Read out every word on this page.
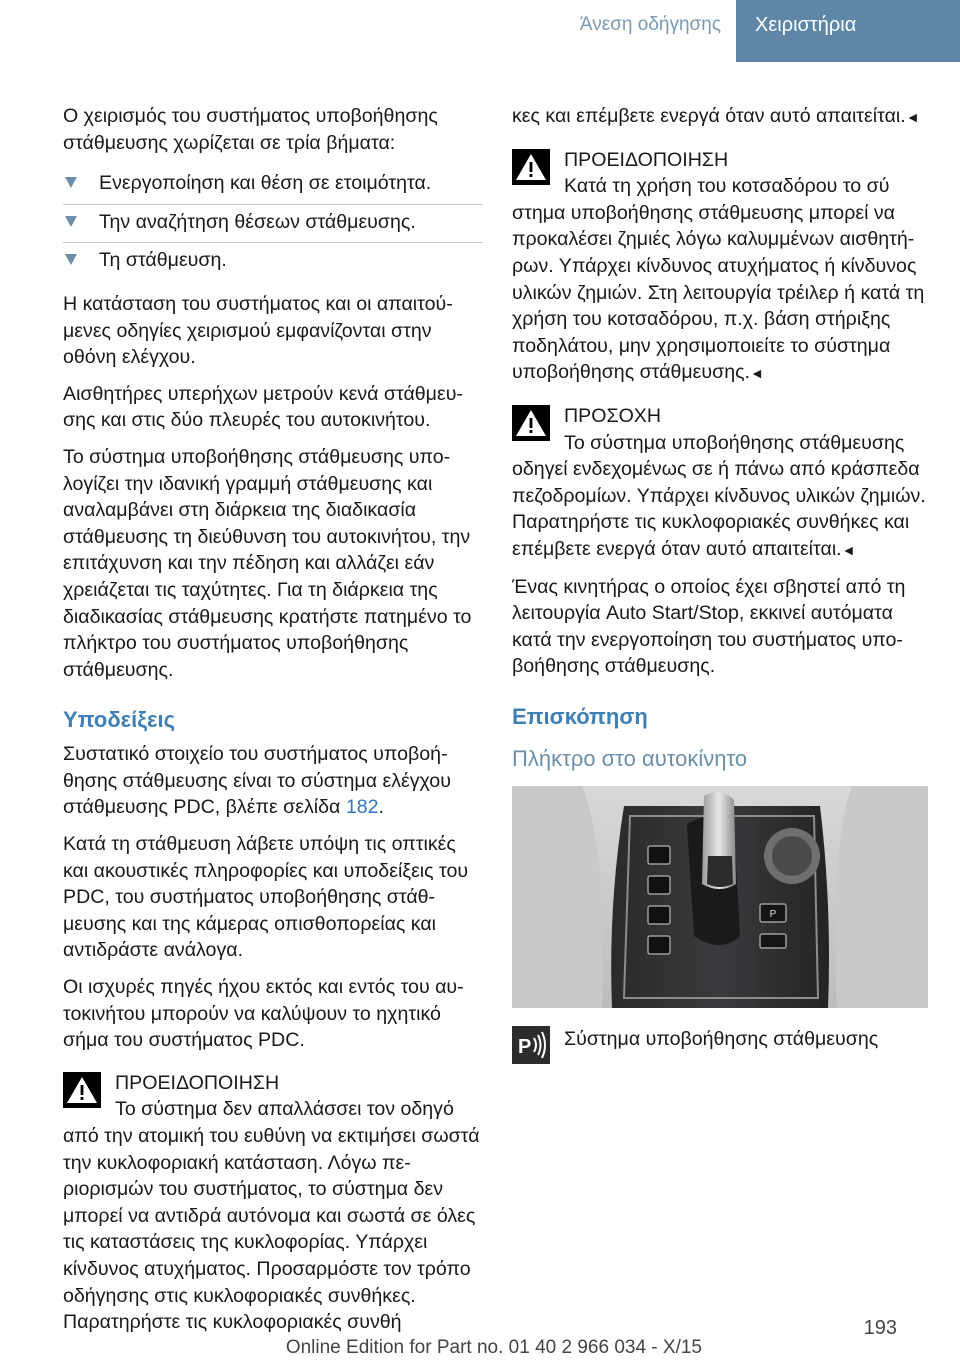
Άνεση οδήγησης	Χειριστήρια

Ο χειρισμός του συστήματος υποβοήθησης στάθμευσης χωρίζεται σε τρία βήματα:

Ενεργοποίηση και θέση σε ετοιμότητα.
Την αναζήτηση θέσεων στάθμευσης.
Τη στάθμευση.

Η κατάσταση του συστήματος και οι απαιτούμενες οδηγίες χειρισμού εμφανίζονται στην οθόνη ελέγχου.

Αισθητήρες υπερήχων μετρούν κενά στάθμευσης και στις δύο πλευρές του αυτοκινήτου.

Το σύστημα υποβοήθησης στάθμευσης υπολογίζει την ιδανική γραμμή στάθμευσης και αναλαμβάνει στη διάρκεια της διαδικασία στάθμευσης τη διεύθυνση του αυτοκινήτου, την επιτάχυνση και την πέδηση και αλλάζει εάν χρειάζεται τις ταχύτητες. Για τη διάρκεια της διαδικασίας στάθμευσης κρατήστε πατημένο το πλήκτρο του συστήματος υποβοήθησης στάθμευσης.

Υποδείξεις

Συστατικό στοιχείο του συστήματος υποβοήθησης στάθμευσης είναι το σύστημα ελέγχου στάθμευσης PDC, βλέπε σελίδα 182.

Κατά τη στάθμευση λάβετε υπόψη τις οπτικές και ακουστικές πληροφορίες και υποδείξεις του PDC, του συστήματος υποβοήθησης στάθμευσης και της κάμερας οπισθοπορείας και αντιδράστε ανάλογα.

Οι ισχυρές πηγές ήχου εκτός και εντός του αυτοκινήτου μπορούν να καλύψουν το ηχητικό σήμα του συστήματος PDC.

ΠΡΟΕΙΔΟΠΟΙΗΣΗ
Το σύστημα δεν απαλλάσσει τον οδηγό
από την ατομική του ευθύνη να εκτιμήσει σωστά την κυκλοφοριακή κατάσταση. Λόγω περιορισμών του συστήματος, το σύστημα δεν μπορεί να αντιδρά αυτόνομα και σωστά σε όλες τις καταστάσεις της κυκλοφορίας. Υπάρχει κίνδυνος ατυχήματος. Προσαρμόστε τον τρόπο οδήγησης στις κυκλοφοριακές συνθήκες. Παρατηρήστε τις κυκλοφοριακές συνθή

κες και επέμβετε ενεργά όταν αυτό απαιτείται.◄

ΠΡΟΕΙΔΟΠΟΙΗΣΗ
Κατά τη χρήση του κοτσαδόρου το σύ
στημα υποβοήθησης στάθμευσης μπορεί να προκαλέσει ζημιές λόγω καλυμμένων αισθητήρων. Υπάρχει κίνδυνος ατυχήματος ή κίνδυνος υλικών ζημιών. Στη λειτουργία τρέιλερ ή κατά τη χρήση του κοτσαδόρου, π.χ. βάση στήριξης ποδηλάτου, μην χρησιμοποιείτε το σύστημα υποβοήθησης στάθμευσης.◄
ΠΡΟΣΟΧΗ
Το σύστημα υποβοήθησης στάθμευσης
οδηγεί ενδεχομένως σε ή πάνω από κράσπεδα πεζοδρομίων. Υπάρχει κίνδυνος υλικών ζημιών. Παρατηρήστε τις κυκλοφοριακές συνθήκες και επέμβετε ενεργά όταν αυτό απαιτείται.◄

Ένας κινητήρας ο οποίος έχει σβηστεί από τη λειτουργία Auto Start/Stop, εκκινεί αυτόματα κατά την ενεργοποίηση του συστήματος υποβοήθησης στάθμευσης.

Επισκόπηση
Πλήκτρο στο αυτοκίνητο
P
P Σύστημα υποβοήθησης στάθμευσης
193
Online Edition for Part no. 01 40 2 966 034 - X/15
